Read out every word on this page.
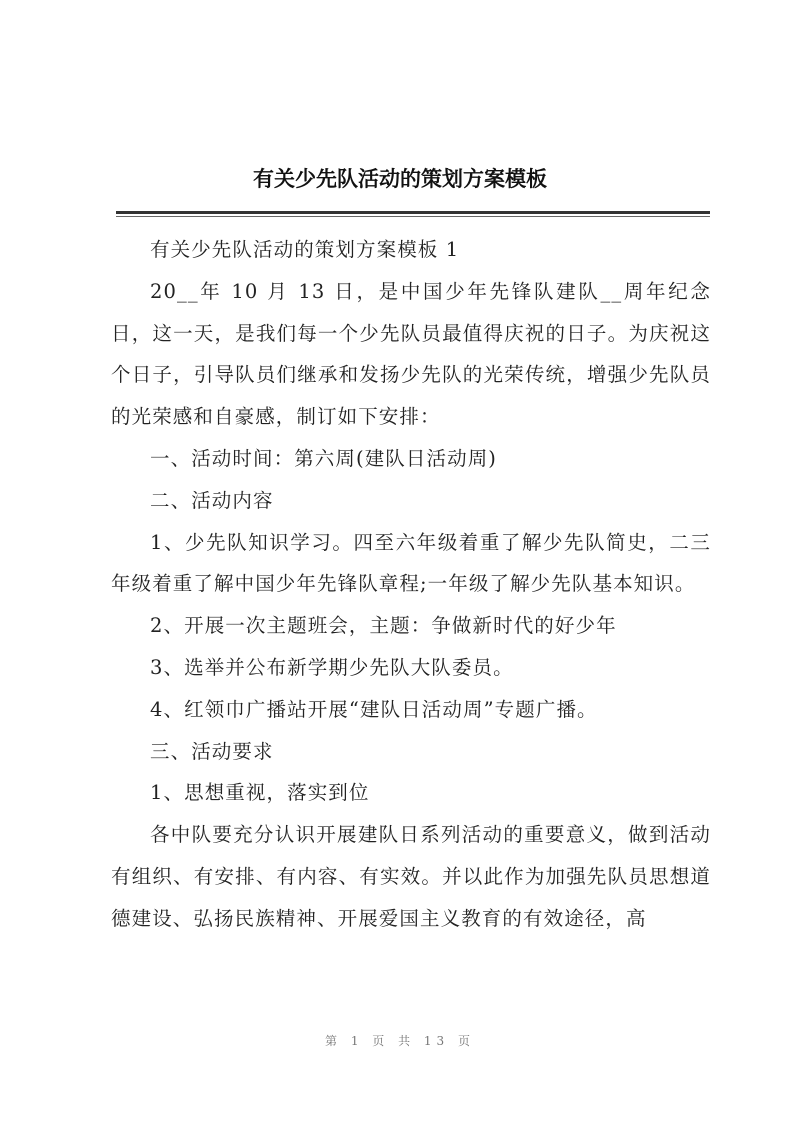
有关少先队活动的策划方案模板

有关少先队活动的策划方案模板 1

20__年 10 月 13 日，是中国少年先锋队建队__周年纪念日，这一天，是我们每一个少先队员最值得庆祝的日子。为庆祝这个日子，引导队员们继承和发扬少先队的光荣传统，增强少先队员的光荣感和自豪感，制订如下安排：

一、活动时间：第六周(建队日活动周)

二、活动内容

1、少先队知识学习。四至六年级着重了解少先队简史，二三年级着重了解中国少年先锋队章程;一年级了解少先队基本知识。

2、开展一次主题班会，主题：争做新时代的好少年

3、选举并公布新学期少先队大队委员。

4、红领巾广播站开展“建队日活动周”专题广播。

三、活动要求

1、思想重视，落实到位

各中队要充分认识开展建队日系列活动的重要意义，做到活动有组织、有安排、有内容、有实效。并以此作为加强先队员思想道德建设、弘扬民族精神、开展爱国主义教育的有效途径，高

第 1 页 共 13 页
